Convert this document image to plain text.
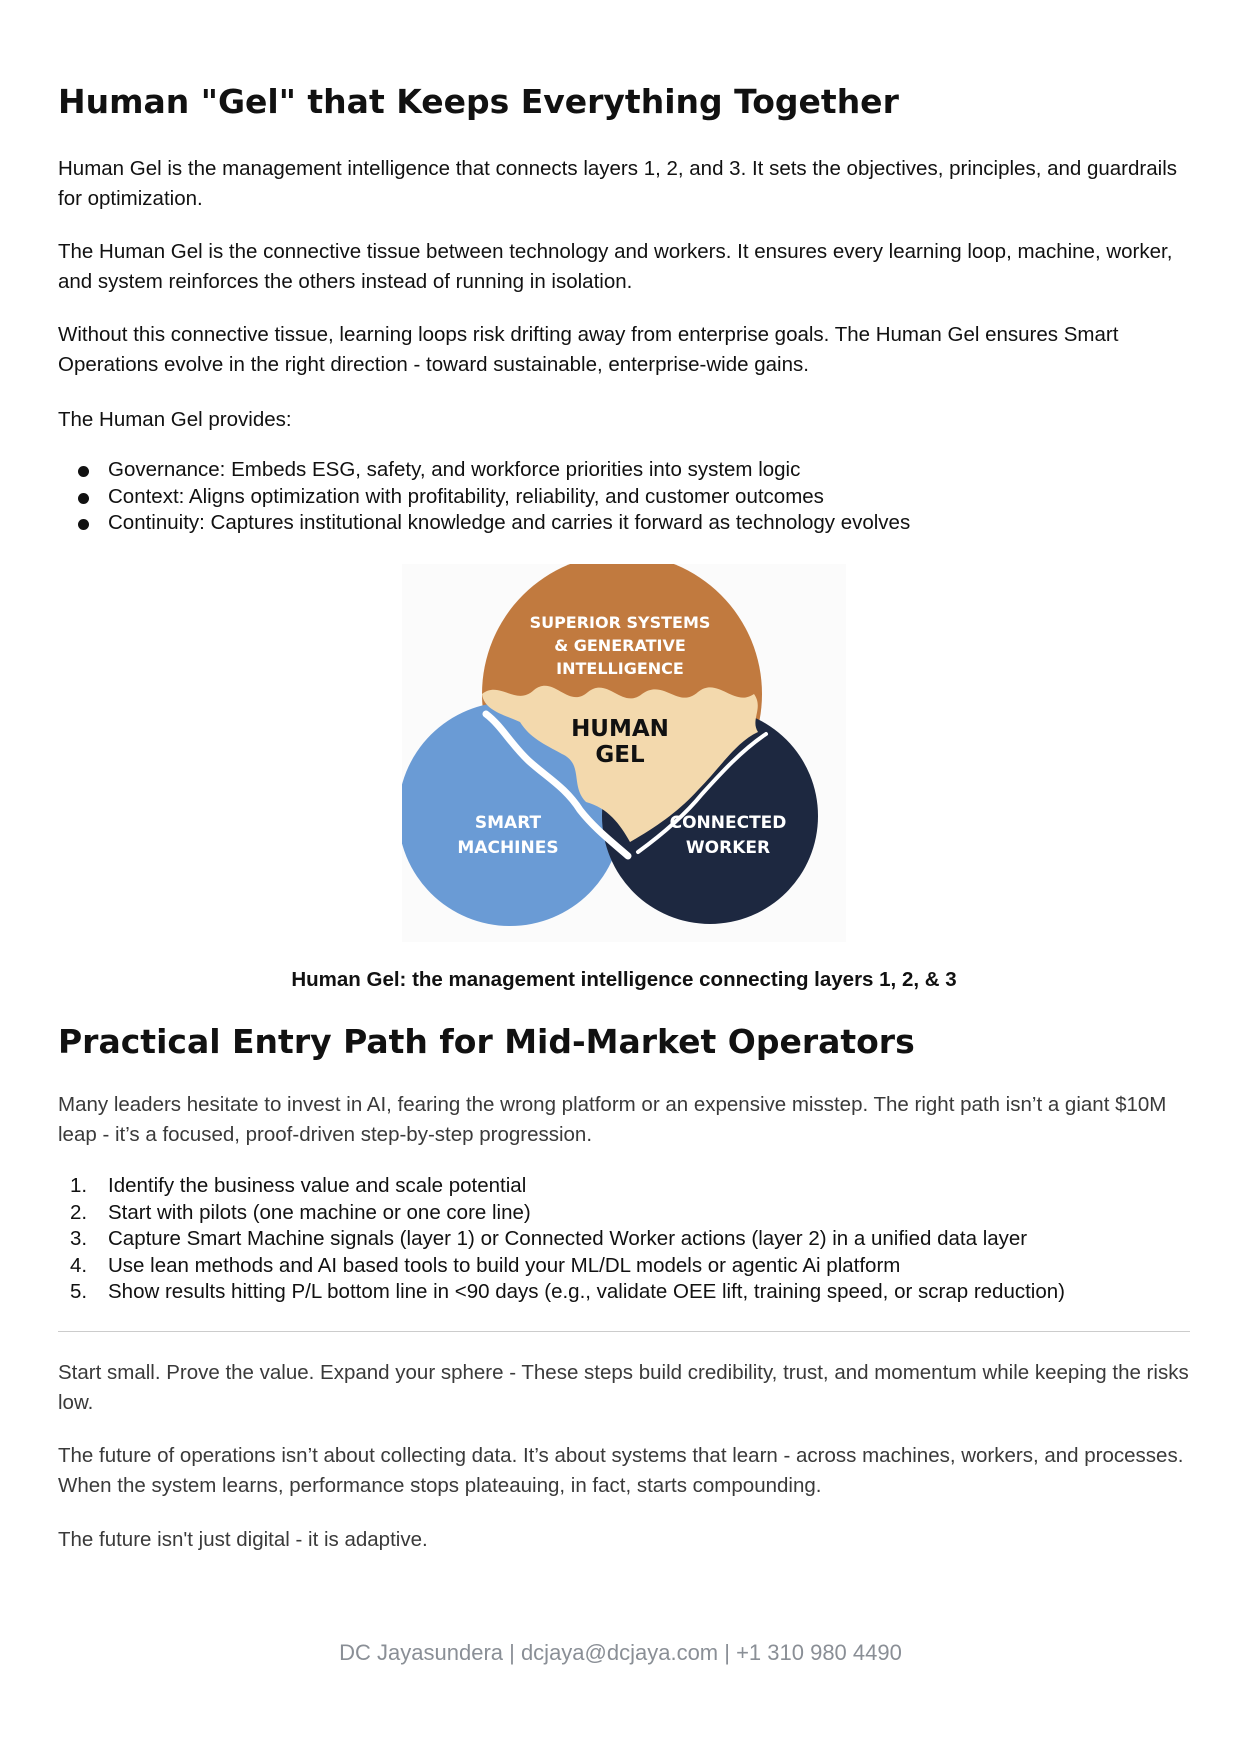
Human "Gel" that Keeps Everything Together

Human Gel is the management intelligence that connects layers 1, 2, and 3. It sets the objectives, principles, and guardrails for optimization.

The Human Gel is the connective tissue between technology and workers. It ensures every learning loop, machine, worker, and system reinforces the others instead of running in isolation.

Without this connective tissue, learning loops risk drifting away from enterprise goals. The Human Gel ensures Smart Operations evolve in the right direction - toward sustainable, enterprise-wide gains.

The Human Gel provides:

Governance: Embeds ESG, safety, and workforce priorities into system logic
Context: Aligns optimization with profitability, reliability, and customer outcomes
Continuity: Captures institutional knowledge and carries it forward as technology evolves
Human Gel: the management intelligence connecting layers 1, 2, & 3
Practical Entry Path for Mid-Market Operators

Many leaders hesitate to invest in AI, fearing the wrong platform or an expensive misstep. The right path isn’t a giant $10M leap - it’s a focused, proof-driven step-by-step progression.

1. Identify the business value and scale potential
2. Start with pilots (one machine or one core line)
3. Capture Smart Machine signals (layer 1) or Connected Worker actions (layer 2) in a unified data layer
4. Use lean methods and AI based tools to build your ML/DL models or agentic Ai platform
5. Show results hitting P/L bottom line in <90 days (e.g., validate OEE lift, training speed, or scrap reduction)

Start small. Prove the value. Expand your sphere - These steps build credibility, trust, and momentum while keeping the risks low.

The future of operations isn’t about collecting data. It’s about systems that learn - across machines, workers, and processes. When the system learns, performance stops plateauing, in fact, starts compounding.

The future isn't just digital - it is adaptive.

SUPERIOR SYSTEMS
& GENERATIVE
INTELLIGENCE
HUMAN
GEL
SMART
MACHINES
CONNECTED
WORKER
DC Jayasundera | dcjaya@dcjaya.com | +1 310 980 4490
